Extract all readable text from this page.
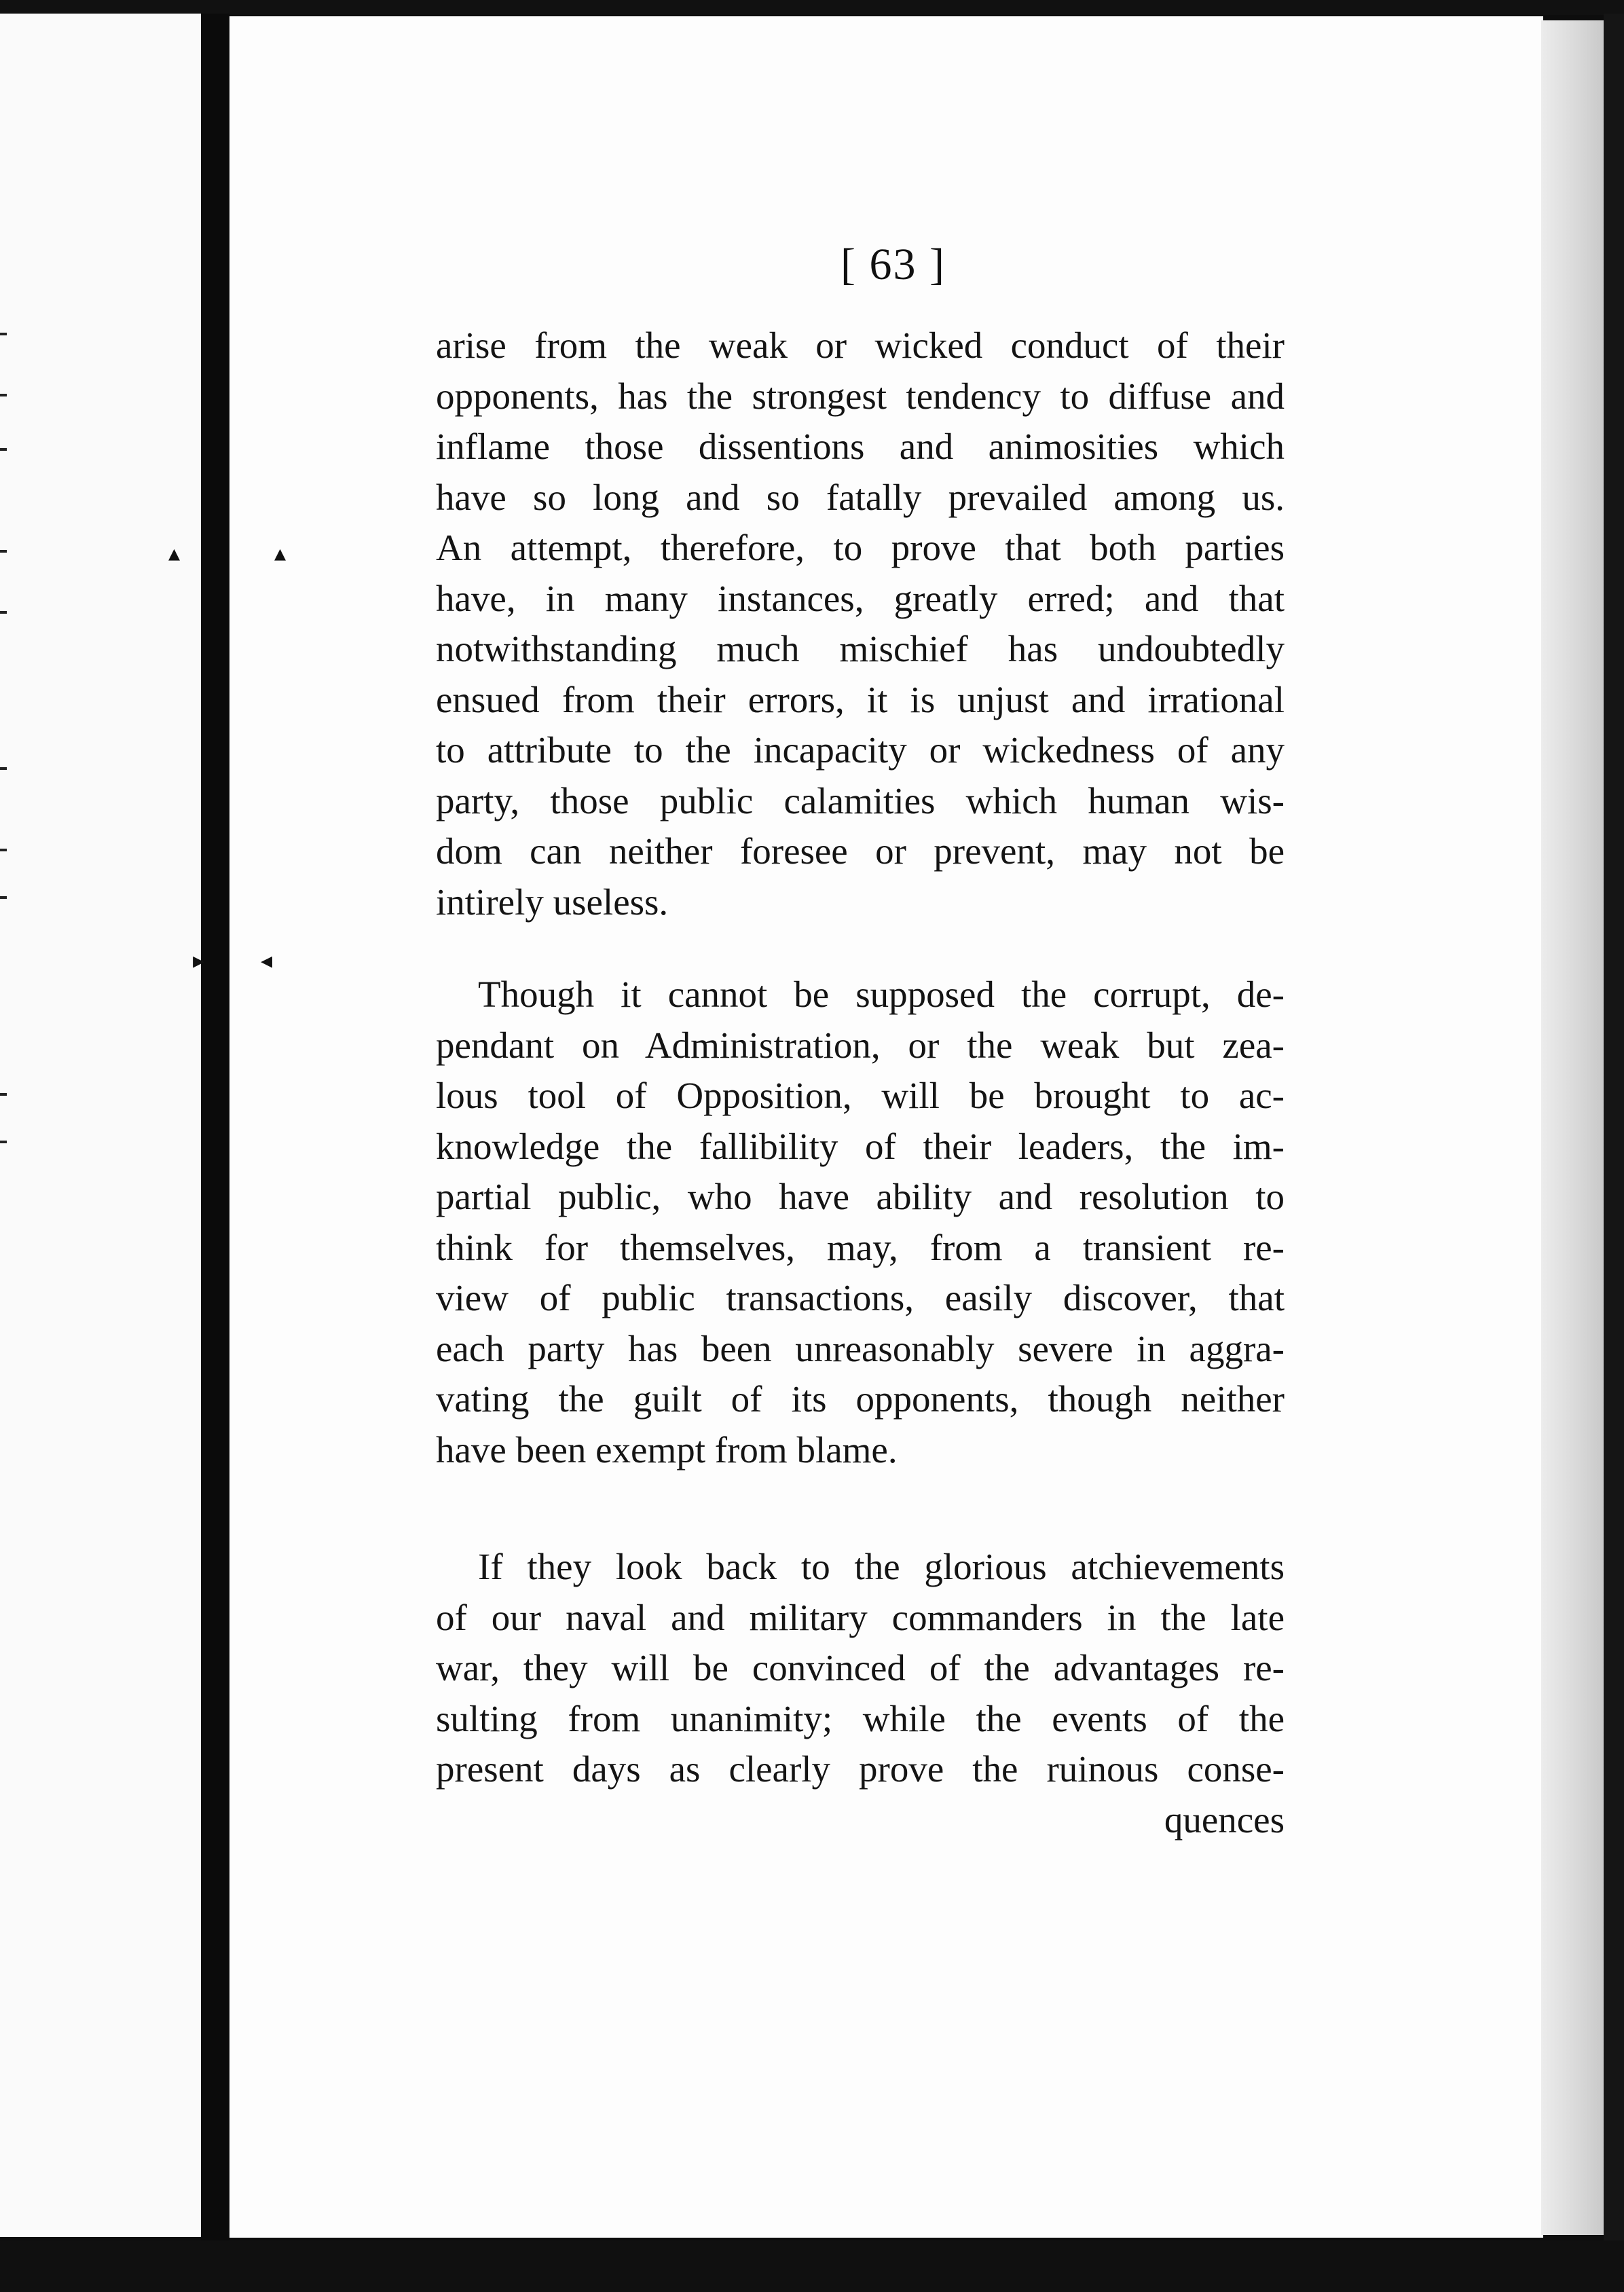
▴	▴
▸ ◂
[ 63 ]
arise from the weak or wicked conduct of their
opponents, has the strongest tendency to diffuse and
inflame those dissentions and animosities which
have so long and so fatally prevailed among us.
An attempt, therefore, to prove that both parties
have, in many instances, greatly erred; and that
notwithstanding much mischief has undoubtedly
ensued from their errors, it is unjust and irrational
to attribute to the incapacity or wickedness of any
party, those public calamities which human wis-
dom can neither foresee or prevent, may not be
intirely useless.
Though it cannot be supposed the corrupt, de-
pendant on Administration, or the weak but zea-
lous tool of Opposition, will be brought to ac-
knowledge the fallibility of their leaders, the im-
partial public, who have ability and resolution to
think for themselves, may, from a transient re-
view of public transactions, easily discover, that
each party has been unreasonably severe in aggra-
vating the guilt of its opponents, though neither
have been exempt from blame.
If they look back to the glorious atchievements
of our naval and military commanders in the late
war, they will be convinced of the advantages re-
sulting from unanimity; while the events of the
present days as clearly prove the ruinous conse-
quences
